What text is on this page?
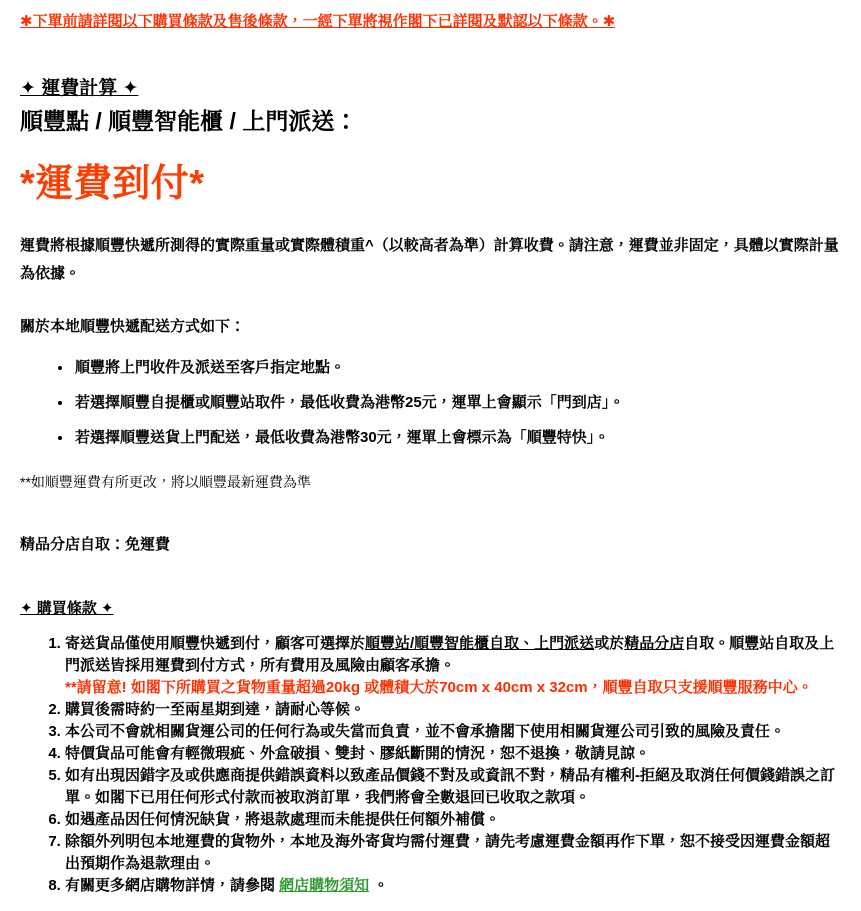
✱下單前請詳閱以下購買條款及售後條款，一經下單將視作閣下已詳閱及默認以下條款。✱

✦ 運費計算 ✦
順豐點 / 順豐智能櫃 / 上門派送：
*運費到付*

運費將根據順豐快遞所測得的實際重量或實際體積重^（以較高者為準）計算收費。請注意，運費並非固定，具體以實際計量為依據。

關於本地順豐快遞配送方式如下：

• 順豐將上門收件及派送至客戶指定地點。
• 若選擇順豐自提櫃或順豐站取件，最低收費為港幣25元，運單上會顯示「門到店」。
• 若選擇順豐送貨上門配送，最低收費為港幣30元，運單上會標示為「順豐特快」。

**如順豐運費有所更改，將以順豐最新運費為準

精品分店自取：免運費

✦ 購買條款 ✦
1. 寄送貨品僅使用順豐快遞到付，顧客可選擇於順豐站/順豐智能櫃自取、上門派送或於精品分店自取。順豐站自取及上門派送皆採用運費到付方式，所有費用及風險由顧客承擔。
**請留意! 如閣下所購買之貨物重量超過20kg 或體積大於70cm x 40cm x 32cm，順豐自取只支援順豐服務中心。
2. 購買後需時約一至兩星期到達，請耐心等候。
3. 本公司不會就相關貨運公司的任何行為或失當而負責，並不會承擔閣下使用相關貨運公司引致的風險及責任。
4. 特價貨品可能會有輕微瑕疵、外盒破損、雙封、膠紙斷開的情況，恕不退換，敬請見諒。
5. 如有出現因錯字及或供應商提供錯誤資料以致產品價錢不對及或資訊不對，精品有權利-拒絕及取消任何價錢錯誤之訂單。如閣下已用任何形式付款而被取消訂單，我們將會全數退回已收取之款項。
6. 如遇產品因任何情況缺貨，將退款處理而未能提供任何額外補償。
7. 除額外列明包本地運費的貨物外，本地及海外寄貨均需付運費，請先考慮運費金額再作下單，恕不接受因運費金額超出預期作為退款理由。
8. 有關更多網店購物詳情，請參閱 網店購物須知 。
